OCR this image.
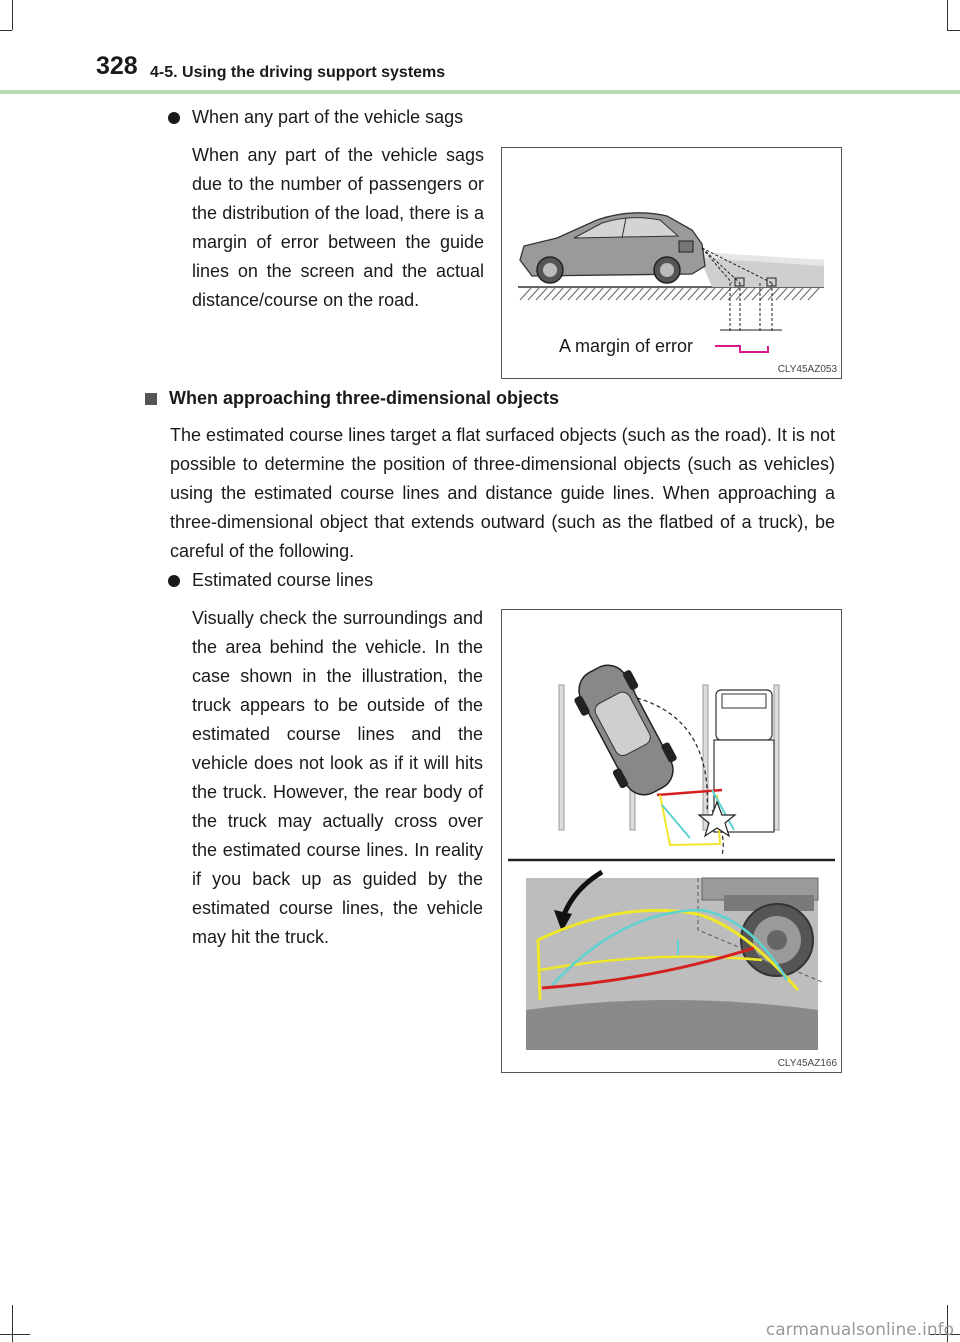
328 4-5. Using the driving support systems
When any part of the vehicle sags

When any part of the vehicle sags due to the number of passengers or the distribution of the load, there is a margin of error between the guide lines on the screen and the actual distance/course on the road.

A margin of error
CLY45AZ053
When approaching three-dimensional objects

The estimated course lines target a flat surfaced objects (such as the road). It is not possible to determine the position of three-dimensional objects (such as vehicles) using the estimated course lines and distance guide lines. When approaching a three-dimensional object that extends outward (such as the flatbed of a truck), be careful of the following.

Estimated course lines

Visually check the surroundings and the area behind the vehicle. In the case shown in the illustration, the truck appears to be outside of the estimated course lines and the vehicle does not look as if it will hits the truck. However, the rear body of the truck may actually cross over the estimated course lines. In reality if you back up as guided by the estimated course lines, the vehicle may hit the truck.

CLY45AZ166
carmanualsonline.info
